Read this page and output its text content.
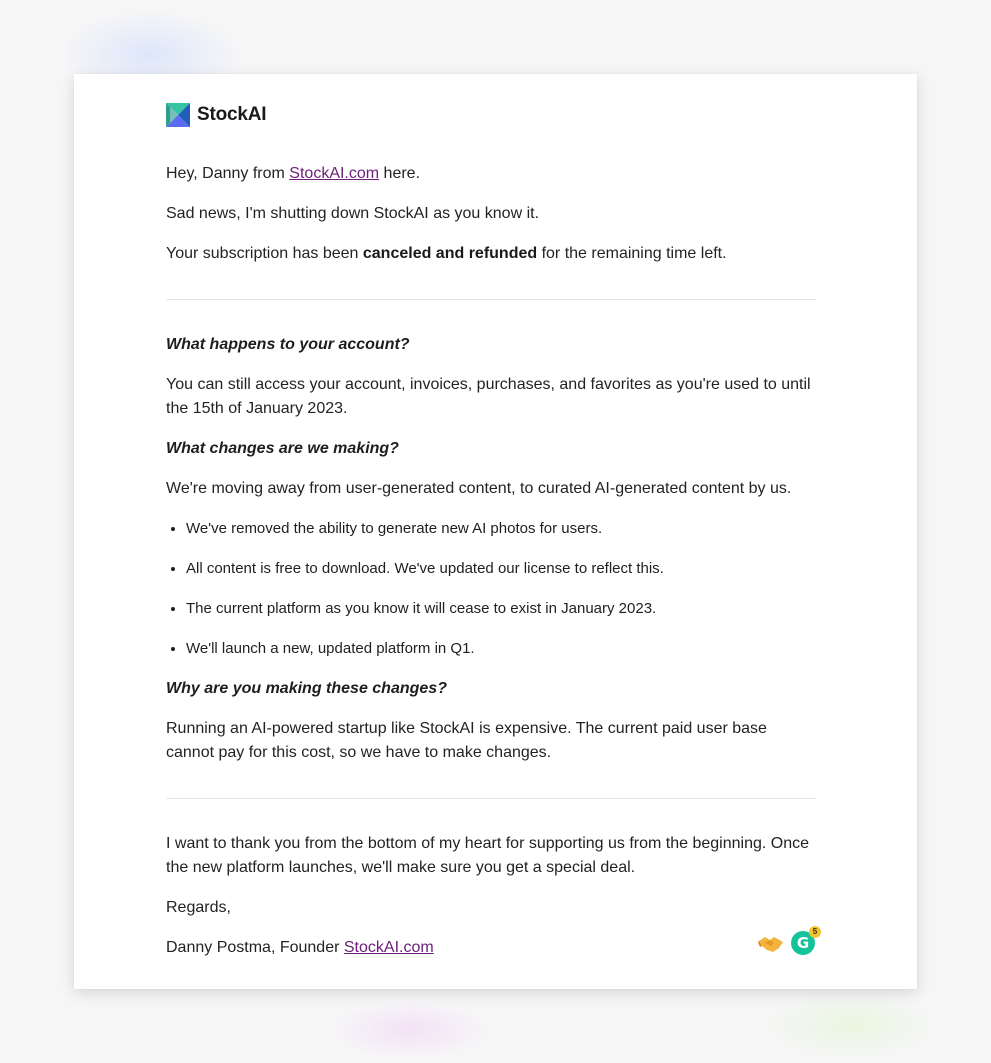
StockAI

Hey, Danny from StockAI.com here.

Sad news, I'm shutting down StockAI as you know it.

Your subscription has been canceled and refunded for the remaining time left.

What happens to your account?

You can still access your account, invoices, purchases, and favorites as you're used to until the 15th of January 2023.

What changes are we making?

We're moving away from user-generated content, to curated AI-generated content by us.

• We've removed the ability to generate new AI photos for users.
• All content is free to download. We've updated our license to reflect this.
• The current platform as you know it will cease to exist in January 2023.
• We'll launch a new, updated platform in Q1.
Why are you making these changes?

Running an AI-powered startup like StockAI is expensive. The current paid user base cannot pay for this cost, so we have to make changes.

I want to thank you from the bottom of my heart for supporting us from the beginning. Once the new platform launches, we'll make sure you get a special deal.

Regards,

Danny Postma, Founder StockAI.com	G
5
